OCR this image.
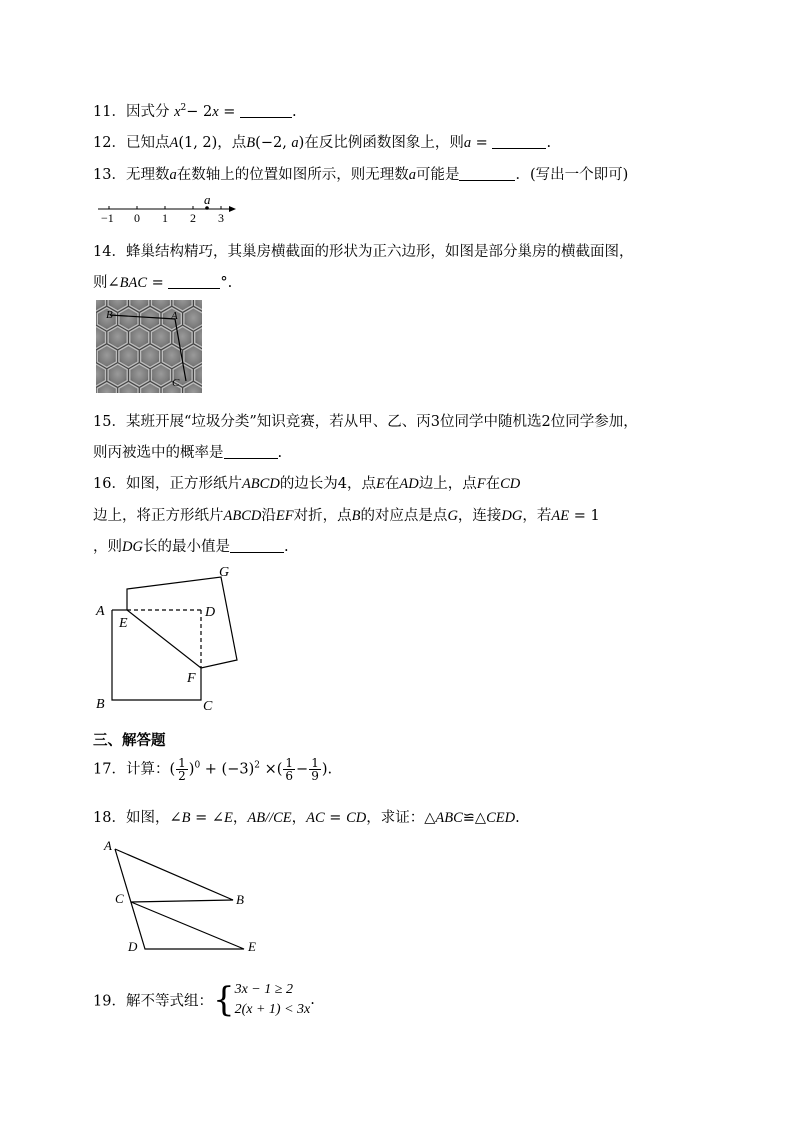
11．因式分 $x^2- 2x$ =	.
12．已知点A(1, 2)，点B(−2, a)在反比例函数图象上，则a =	.
13．无理数a在数轴上的位置如图所示，则无理数a可能是	．(写出一个即可)
a
−1 0 1 2 3
14．蜂巢结构精巧，其巢房横截面的形状为正六边形，如图是部分巢房的横截面图，
则∠BAC =	°.
B	A
C
15．某班开展“垃圾分类”知识竞赛，若从甲、乙、丙3位同学中随机选2位同学参加，
则丙被选中的概率是	.
16．如图，正方形纸片ABCD的边长为4，点E在AD边上，点F在CD
边上，将正方形纸片ABCD沿EF对折，点B的对应点是点G，连接DG，若AE = 1
，则DG长的最小值是	.
A
E
D
G
F
B	C
三、解答题
17．计算：( $\frac{1}{2} )^0 + (-3)^2$ ×( $\frac{1}{6} - \frac{1}{9}$ ).
18．如图，∠B = ∠E，AB//CE，AC = CD，求证：△ABC≌△CED.
A
C	B
D	E
19．解不等式组：{ 3x − 1 ≥ 2
2(x + 1) < 3x
.
